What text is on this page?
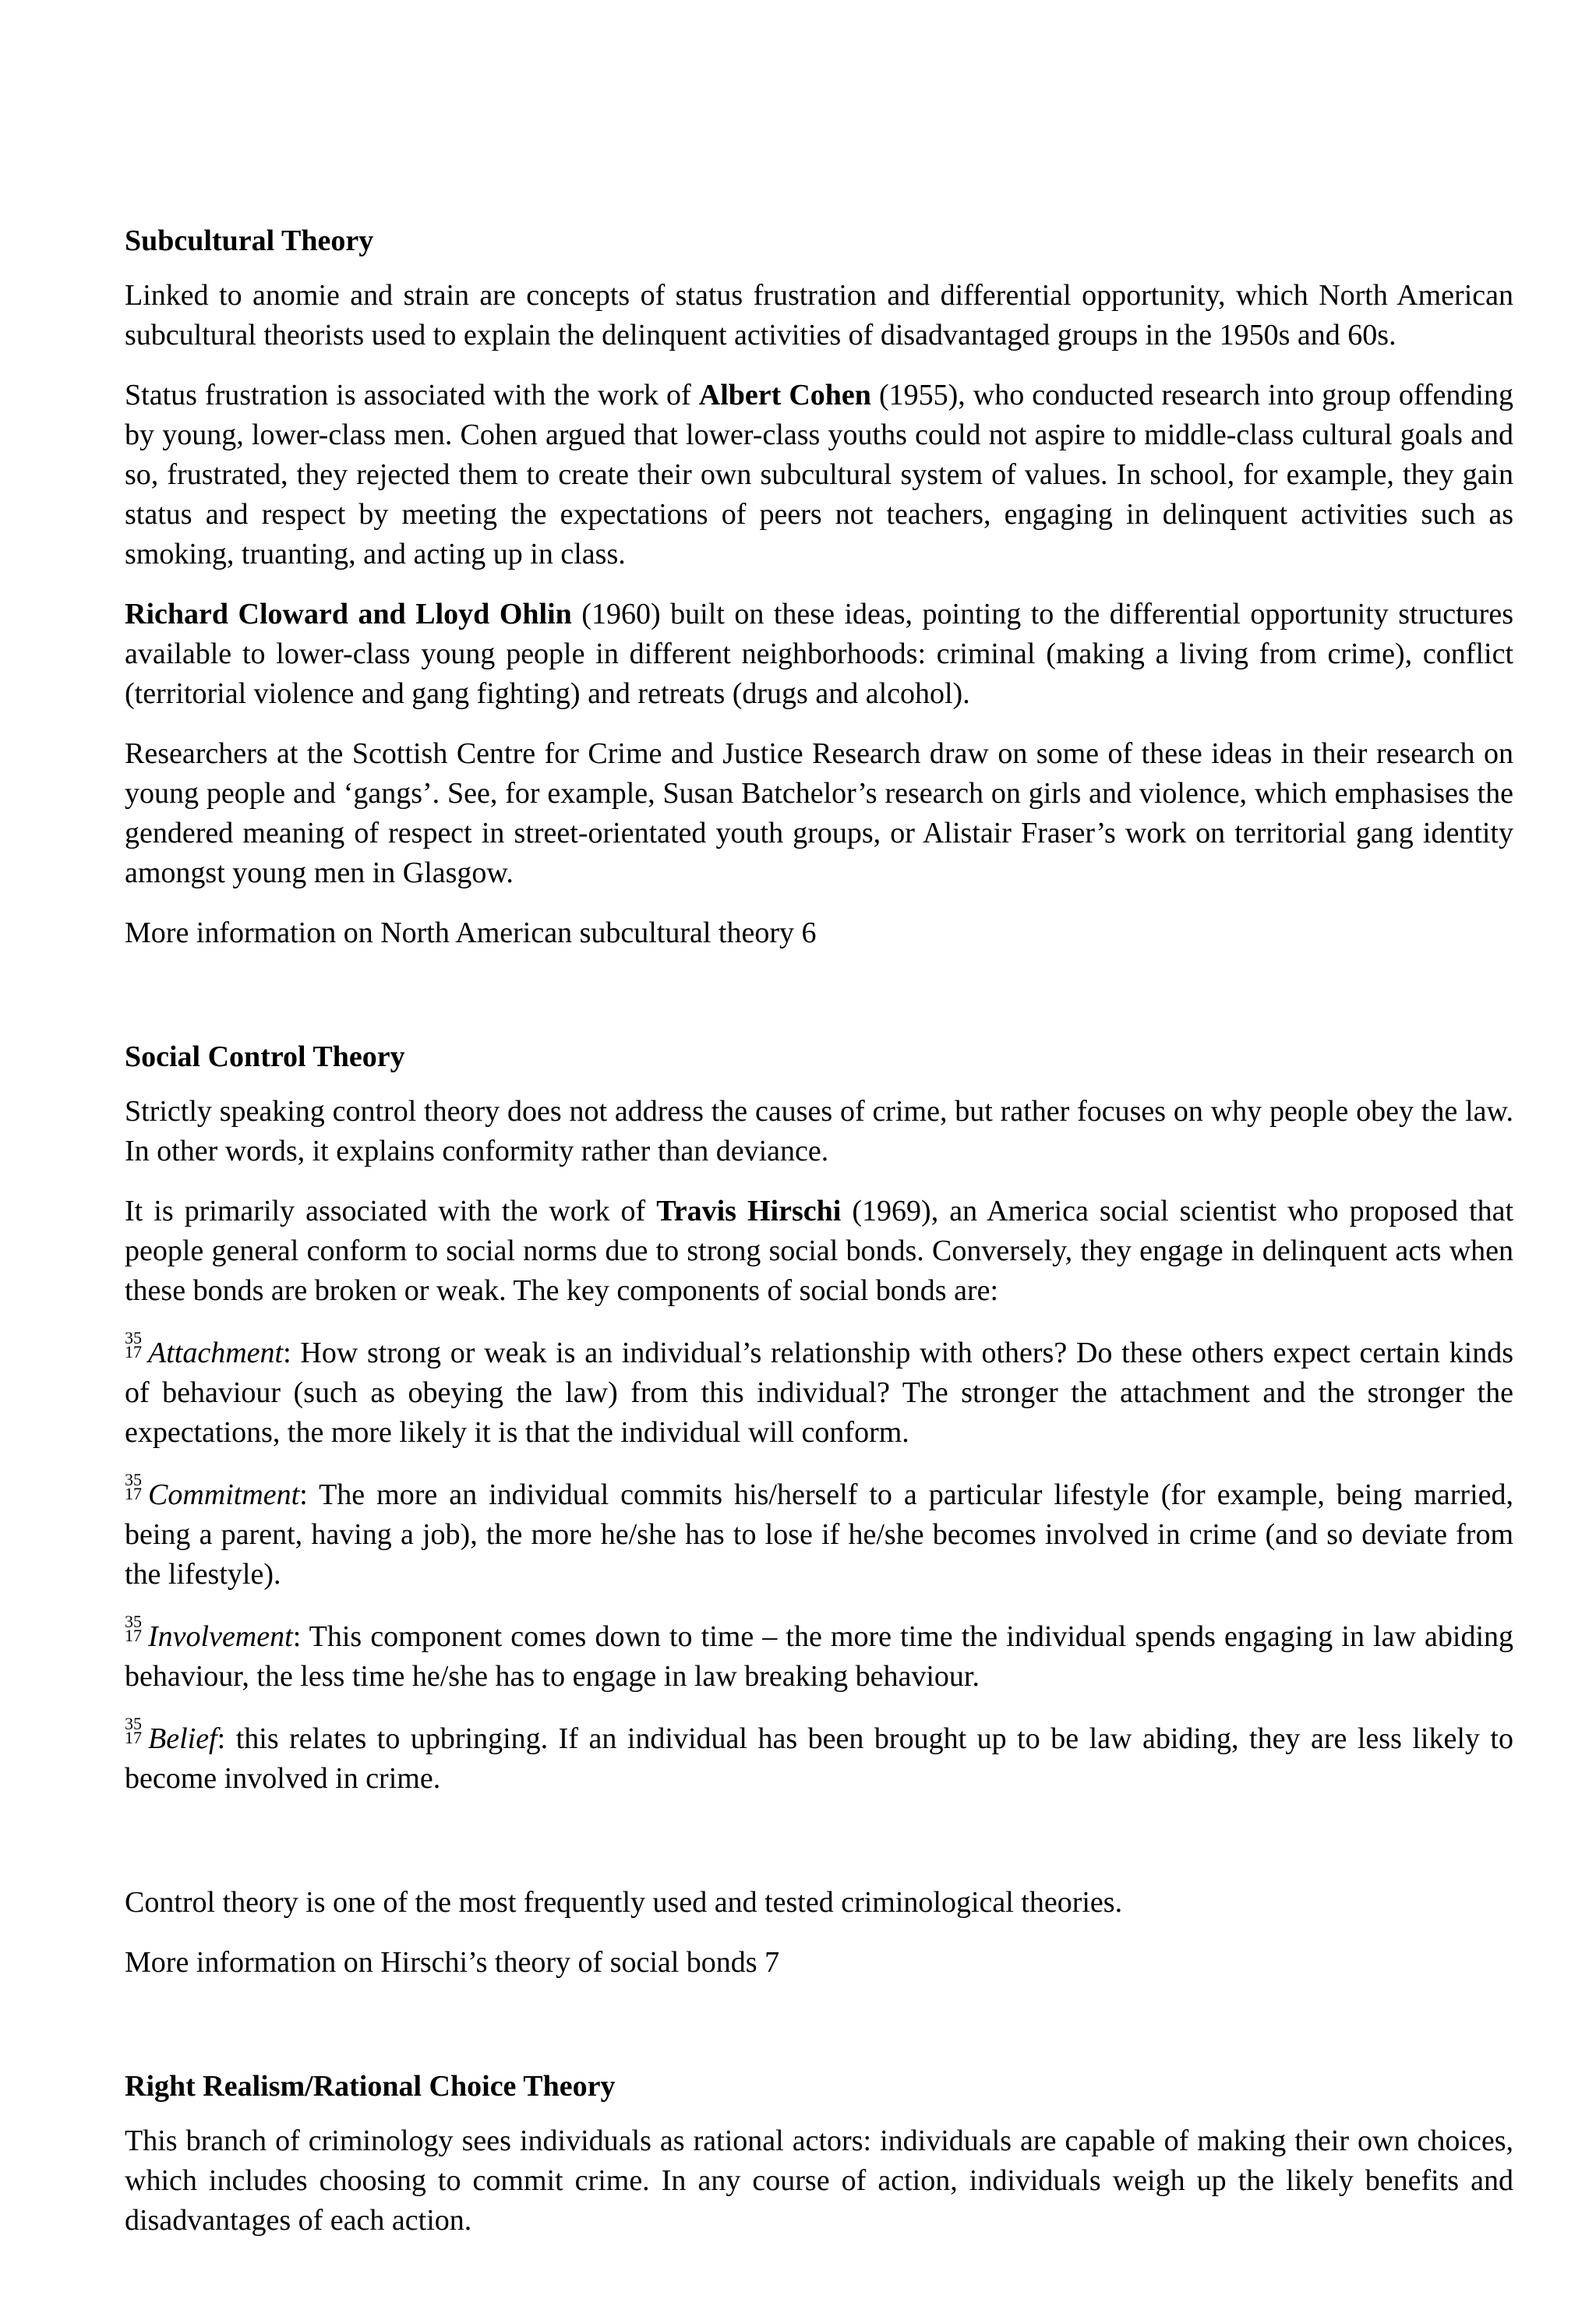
Subcultural Theory

Linked to anomie and strain are concepts of status frustration and differential opportunity, which North American subcultural theorists used to explain the delinquent activities of disadvantaged groups in the 1950s and 60s.

Status frustration is associated with the work of Albert Cohen (1955), who conducted research into group offending by young, lower-class men. Cohen argued that lower-class youths could not aspire to middle-class cultural goals and so, frustrated, they rejected them to create their own subcultural system of values. In school, for example, they gain status and respect by meeting the expectations of peers not teachers, engaging in delinquent activities such as smoking, truanting, and acting up in class.

Richard Cloward and Lloyd Ohlin (1960) built on these ideas, pointing to the differential opportunity structures available to lower-class young people in different neighborhoods: criminal (making a living from crime), conflict (territorial violence and gang fighting) and retreats (drugs and alcohol).

Researchers at the Scottish Centre for Crime and Justice Research draw on some of these ideas in their research on young people and ‘gangs’. See, for example, Susan Batchelor’s research on girls and violence, which emphasises the gendered meaning of respect in street-orientated youth groups, or Alistair Fraser’s work on territorial gang identity amongst young men in Glasgow.

More information on North American subcultural theory 6

Social Control Theory

Strictly speaking control theory does not address the causes of crime, but rather focuses on why people obey the law. In other words, it explains conformity rather than deviance.

It is primarily associated with the work of Travis Hirschi (1969), an America social scientist who proposed that people general conform to social norms due to strong social bonds. Conversely, they engage in delinquent acts when these bonds are broken or weak. The key components of social bonds are:

35
17 Attachment: How strong or weak is an individual’s relationship with others? Do these others expect certain kinds of behaviour (such as obeying the law) from this individual? The stronger the attachment and the stronger the expectations, the more likely it is that the individual will conform.

35
17 Commitment: The more an individual commits his/herself to a particular lifestyle (for example, being married, being a parent, having a job), the more he/she has to lose if he/she becomes involved in crime (and so deviate from the lifestyle).

35
17 Involvement: This component comes down to time – the more time the individual spends engaging in law abiding behaviour, the less time he/she has to engage in law breaking behaviour.

35
17 Belief: this relates to upbringing. If an individual has been brought up to be law abiding, they are less likely to become involved in crime.

Control theory is one of the most frequently used and tested criminological theories.

More information on Hirschi’s theory of social bonds 7

Right Realism/Rational Choice Theory

This branch of criminology sees individuals as rational actors: individuals are capable of making their own choices, which includes choosing to commit crime. In any course of action, individuals weigh up the likely benefits and disadvantages of each action.
